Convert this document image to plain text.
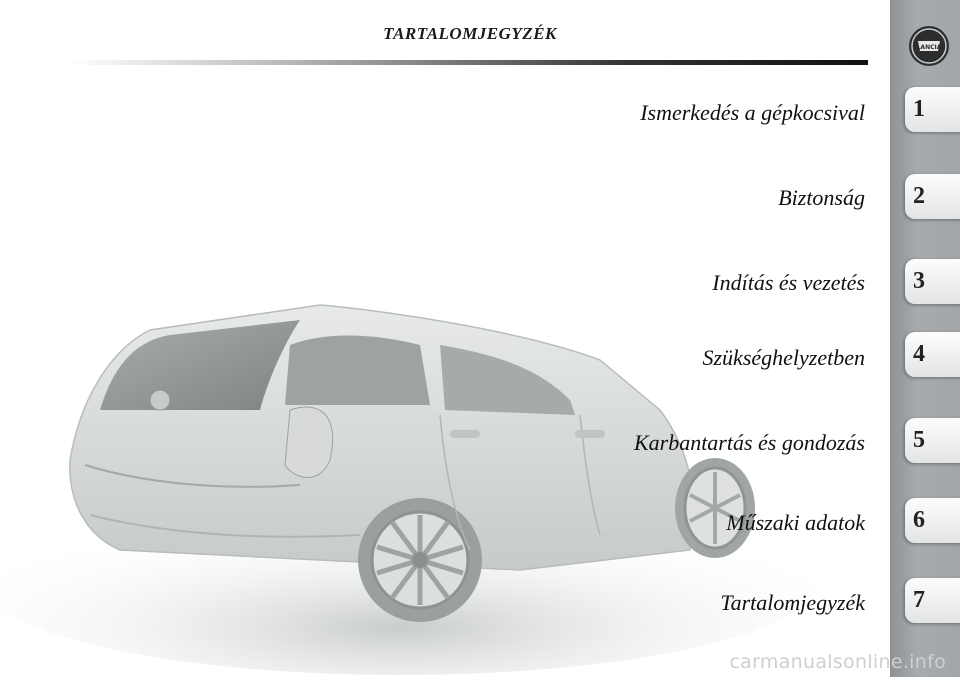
TARTALOMJEGYZÉK
Ismerkedés a gépkocsival
Biztonság
Indítás és vezetés
Szükséghelyzetben
Karbantartás és gondozás
Műszaki adatok
Tartalomjegyzék
LANCIA
1
2
3
4
5
6
7
carmanualsonline.info
